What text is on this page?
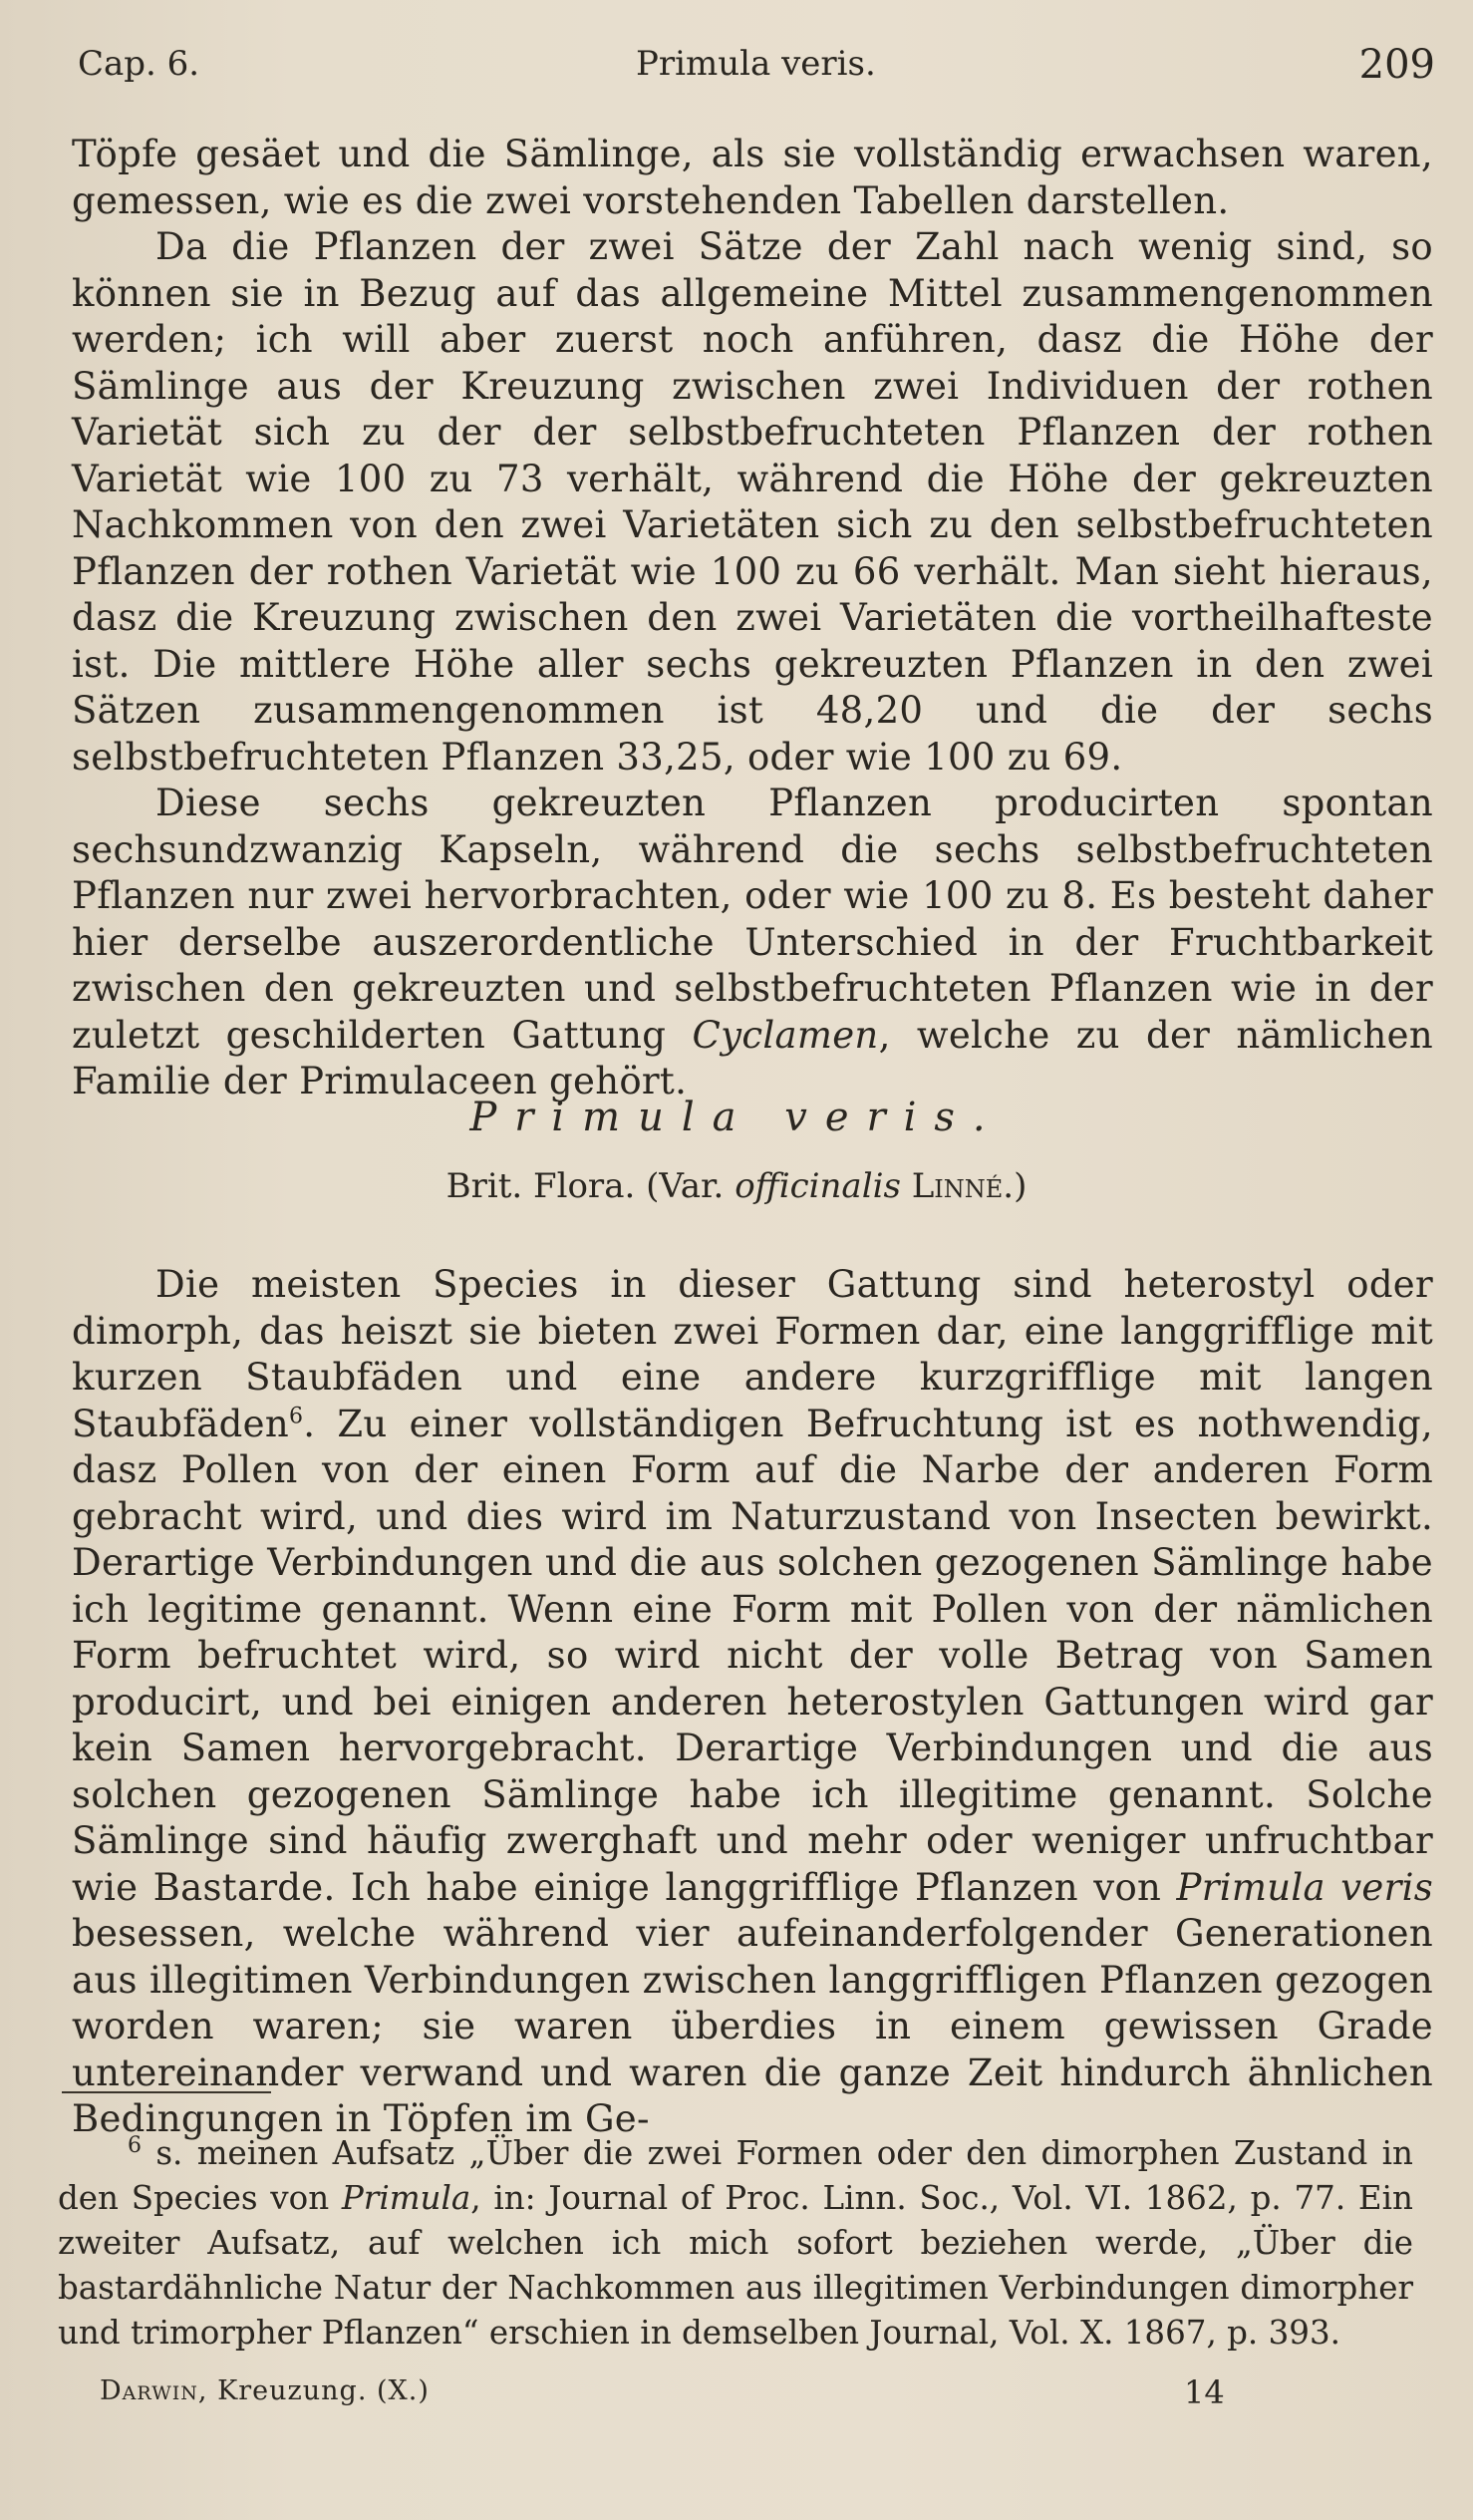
Cap. 6.	Primula veris.	209

Töpfe gesäet und die Sämlinge, als sie vollständig erwachsen waren, gemessen, wie es die zwei vorstehenden Tabellen darstellen.

Da die Pflanzen der zwei Sätze der Zahl nach wenig sind, so können sie in Bezug auf das allgemeine Mittel zusammengenommen werden; ich will aber zuerst noch anführen, dasz die Höhe der Sämlinge aus der Kreuzung zwischen zwei Individuen der rothen Varietät sich zu der der selbstbefruchteten Pflanzen der rothen Varietät wie 100 zu 73 verhält, während die Höhe der gekreuzten Nachkommen von den zwei Varietäten sich zu den selbstbefruchteten Pflanzen der rothen Varietät wie 100 zu 66 verhält. Man sieht hieraus, dasz die Kreuzung zwischen den zwei Varietäten die vortheilhafteste ist. Die mittlere Höhe aller sechs gekreuzten Pflanzen in den zwei Sätzen zusammengenommen ist 48,20 und die der sechs selbstbefruchteten Pflanzen 33,25, oder wie 100 zu 69.

Diese sechs gekreuzten Pflanzen producirten spontan sechsundzwanzig Kapseln, während die sechs selbstbefruchteten Pflanzen nur zwei hervorbrachten, oder wie 100 zu 8. Es besteht daher hier derselbe auszerordentliche Unterschied in der Fruchtbarkeit zwischen den gekreuzten und selbstbefruchteten Pflanzen wie in der zuletzt geschilderten Gattung Cyclamen, welche zu der nämlichen Familie der Primulaceen gehört.

Primula veris.
Brit. Flora. (Var. officinalis Linné.)

Die meisten Species in dieser Gattung sind heterostyl oder dimorph, das heiszt sie bieten zwei Formen dar, eine langgrifflige mit kurzen Staubfäden und eine andere kurzgrifflige mit langen Staubfäden$^6$. Zu einer vollständigen Befruchtung ist es nothwendig, dasz Pollen von der einen Form auf die Narbe der anderen Form gebracht wird, und dies wird im Naturzustand von Insecten bewirkt. Derartige Verbindungen und die aus solchen gezogenen Sämlinge habe ich legitime genannt. Wenn eine Form mit Pollen von der nämlichen Form befruchtet wird, so wird nicht der volle Betrag von Samen producirt, und bei einigen anderen heterostylen Gattungen wird gar kein Samen hervorgebracht. Derartige Verbindungen und die aus solchen gezogenen Sämlinge habe ich illegitime genannt. Solche Sämlinge sind häufig zwerghaft und mehr oder weniger unfruchtbar wie Bastarde. Ich habe einige langgrifflige Pflanzen von Primula veris besessen, welche während vier aufeinanderfolgender Generationen aus illegitimen Verbindungen zwischen langgriffligen Pflanzen gezogen worden waren; sie waren überdies in einem gewissen Grade untereinander verwand und waren die ganze Zeit hindurch ähnlichen Bedingungen in Töpfen im Ge-

$^6$ s. meinen Aufsatz „Über die zwei Formen oder den dimorphen Zustand in den Species von Primula, in: Journal of Proc. Linn. Soc., Vol. VI. 1862, p. 77. Ein zweiter Aufsatz, auf welchen ich mich sofort beziehen werde, „Über die bastardähnliche Natur der Nachkommen aus illegitimen Verbindungen dimorpher und trimorpher Pflanzen“ erschien in demselben Journal, Vol. X. 1867, p. 393.

Darwin, Kreuzung. (X.)	14
